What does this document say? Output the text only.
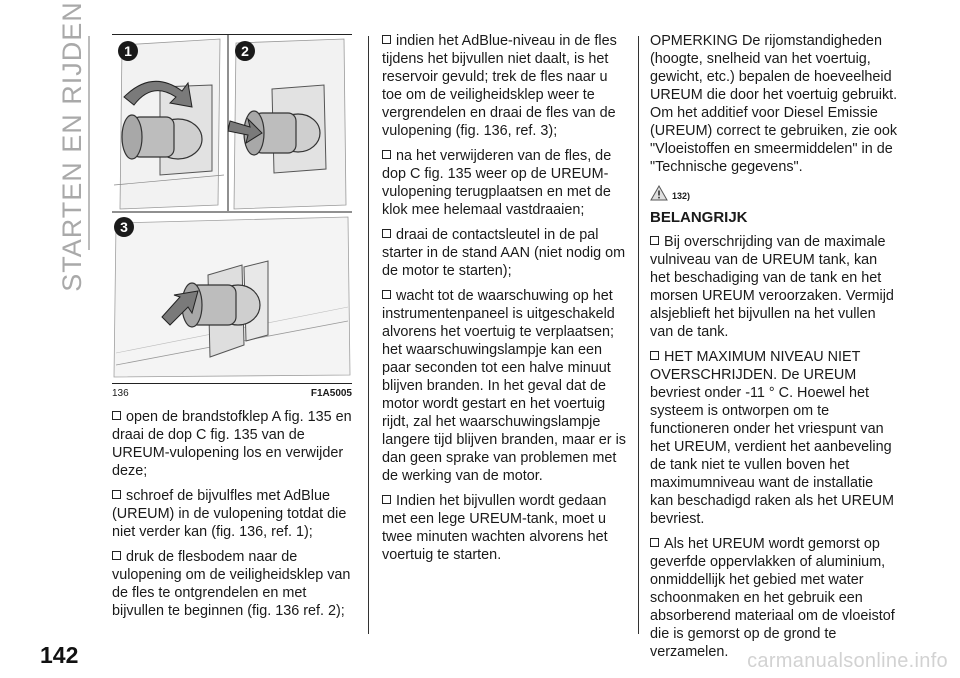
STARTEN EN RIJDEN
142
1	2
3
136	F1A5005

open de brandstofklep A fig. 135 en draai de dop C fig. 135 van de UREUM-vulopening los en verwijder deze;

schroef de bijvulfles met AdBlue (UREUM) in de vulopening totdat die niet verder kan (fig. 136, ref. 1);

druk de flesbodem naar de vulopening om de veiligheidsklep van de fles te ontgrendelen en met bijvullen te beginnen (fig. 136 ref. 2);

indien het AdBlue-niveau in de fles tijdens het bijvullen niet daalt, is het reservoir gevuld; trek de fles naar u toe om de veiligheidsklep weer te vergrendelen en draai de fles van de vulopening (fig. 136, ref. 3);

na het verwijderen van de fles, de dop C fig. 135 weer op de UREUM-vulopening terugplaatsen en met de klok mee helemaal vastdraaien;

draai de contactsleutel in de pal starter in de stand AAN (niet nodig om de motor te starten);

wacht tot de waarschuwing op het instrumentenpaneel is uitgeschakeld alvorens het voertuig te verplaatsen; het waarschuwingslampje kan een paar seconden tot een halve minuut blijven branden. In het geval dat de motor wordt gestart en het voertuig rijdt, zal het waarschuwingslampje langere tijd blijven branden, maar er is dan geen sprake van problemen met de werking van de motor.

Indien het bijvullen wordt gedaan met een lege UREUM-tank, moet u twee minuten wachten alvorens het voertuig te starten.

OPMERKING De rijomstandigheden (hoogte, snelheid van het voertuig, gewicht, etc.) bepalen de hoeveelheid UREUM die door het voertuig gebruikt. Om het additief voor Diesel Emissie (UREUM) correct te gebruiken, zie ook "Vloeistoffen en smeermiddelen" in de "Technische gegevens".

132)

BELANGRIJK

Bij overschrijding van de maximale vulniveau van de UREUM tank, kan het beschadiging van de tank en het morsen UREUM veroorzaken. Vermijd alsjeblieft het bijvullen na het vullen van de tank.

HET MAXIMUM NIVEAU NIET OVERSCHRIJDEN. De UREUM bevriest onder -11 ° C. Hoewel het systeem is ontworpen om te functioneren onder het vriespunt van het UREUM, verdient het aanbeveling de tank niet te vullen boven het maximumniveau want de installatie kan beschadigd raken als het UREUM bevriest.

Als het UREUM wordt gemorst op geverfde oppervlakken of aluminium, onmiddellijk het gebied met water schoonmaken en het gebruik een absorberend materiaal om de vloeistof die is gemorst op de grond te verzamelen. carmanualsonline.info
